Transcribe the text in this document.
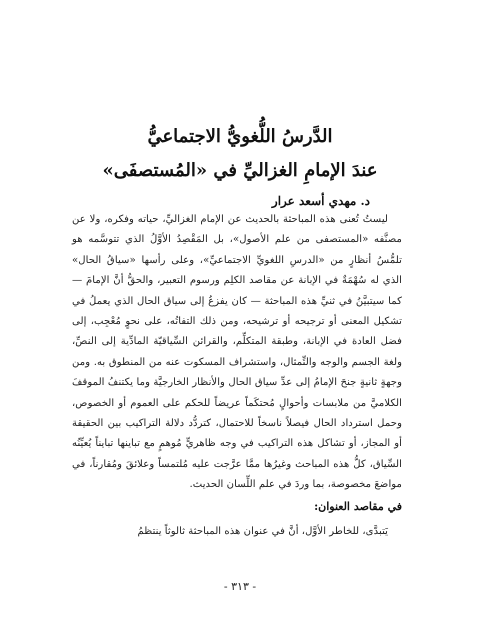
الدَّرسُ اللُّغويُّ الاجتماعيُّ
عندَ الإمامِ الغزاليِّ في «المُستصفَى»
د. مهدي أسعد عرار

ليستُ تُعنى هذه المباحثة بالحديث عن الإمام الغزاليِّ، حياته وفكره، ولا عن مصنَّفه «المستصفى من علم الأصول»، بل المَقْصِدُ الأوَّلُ الذي تتوسَّمه هو تلمُّسُ أنظارٍ من «الدرسِ اللغويِّ الاجتماعيِّ»، وعلى رأسها «سياقُ الحال» الذي له سُهْمَةٌ في الإبانة عن مقاصد الكلِم ورسوم التعبير، والحقُّ أنَّ الإمامَ — كما سيتبيَّنُ في ثنيِّ هذه المباحثة — كان يفزعُ إلى سياق الحال الذي يعملُ في تشكيل المعنى أو ترجيحه أو ترشيحه، ومن ذلك التفاتُه، على نحوٍ مُعْجِب، إلى فضل العادة في الإبانة، وطبقة المتكلِّم، والقرائن السِّياقيّة المادِّية إلى النصِّ، ولغة الجسم والوجه والتِّمثال، واستشراف المسكوت عنه من المنطوق به. ومن وجهةٍ ثانيةٍ جنحَ الإمامُ إلى عدِّ سياق الحال والأنظار الخارجيَّة وما يكتنفُ الموقفَ الكلاميَّ من ملابسات وأحوالٍ مُحتكَماً عريضاً للحكم على العموم أو الخصوص، وحمل استرداد الحال فيصلاً ناسخاً للاحتمال، كتردُّد دلالة التراكيب بين الحقيقة أو المجاز، أو تشاكل هذه التراكيب في وجه ظاهريٍّ مُوهمٍ مع تباينها تبايناً يُعيِّنُه السِّياق، كلُّ هذه المباحث وغيرُها ممَّا عرَّجت عليه مُلتمساً وعلائقَ ومُقارناً، في مواضعَ مخصوصة، بما وردَ في علم اللِّسان الحديث.

في مقاصد العنوان:
يَتبدَّى، للخاطر الأوَّل، أنَّ في عنوان هذه المباحثة ثالوثاً ينتظمُ
- ٣١٣ -
